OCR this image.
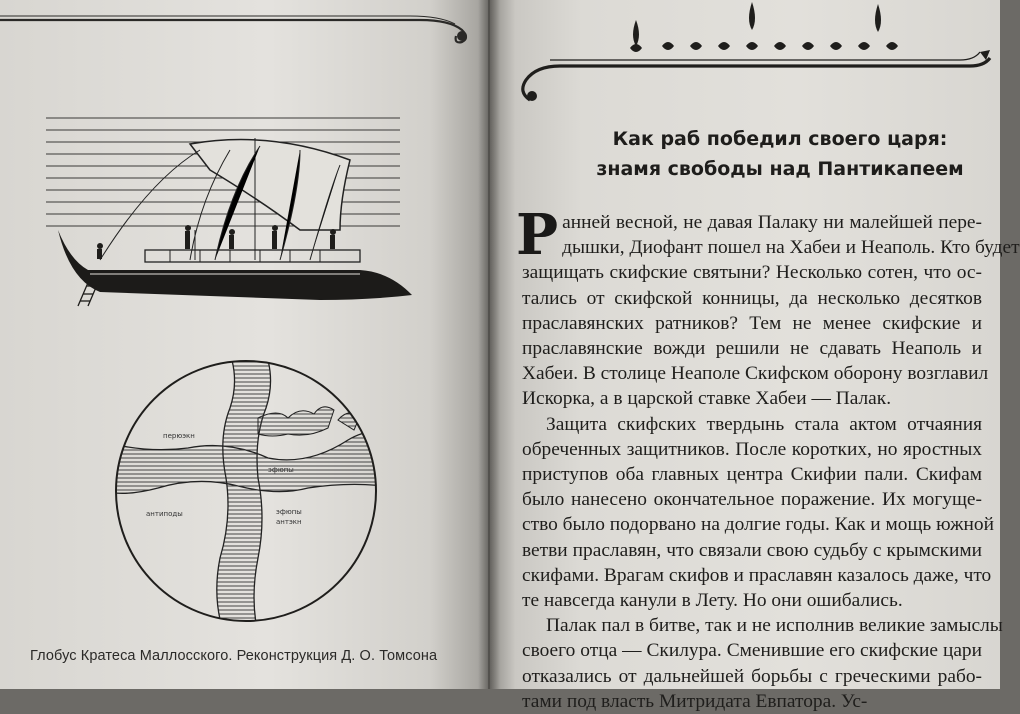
перюэкн
эфюпы
антиподы	эфюпы
антэкн
Глобус Кратеса Маллосского. Реконструкция Д. О. Томсона
Как раб победил своего царя:
знамя свободы над Пантикапеем
Р анней весной, не давая Палаку ни малейшей пере-
дышки, Диофант пошел на Хабеи и Неаполь. Кто будет
защищать скифские святыни? Несколько сотен, что ос-
тались от скифской конницы, да несколько десятков
праславянских ратников? Тем не менее скифские и
праславянские вожди решили не сдавать Неаполь и
Хабеи. В столице Неаполе Скифском оборону возглавил
Искорка, а в царской ставке Хабеи — Палак.
Защита скифских твердынь стала актом отчаяния
обреченных защитников. После коротких, но яростных
приступов оба главных центра Скифии пали. Скифам
было нанесено окончательное поражение. Их могуще-
ство было подорвано на долгие годы. Как и мощь южной
ветви праславян, что связали свою судьбу с крымскими
скифами. Врагам скифов и праславян казалось даже, что
те навсегда канули в Лету. Но они ошибались.
Палак пал в битве, так и не исполнив великие замыслы
своего отца — Скилура. Сменившие его скифские цари
отказались от дальнейшей борьбы с греческими рабо-
тами под власть Митридата Евпатора. Ус-
